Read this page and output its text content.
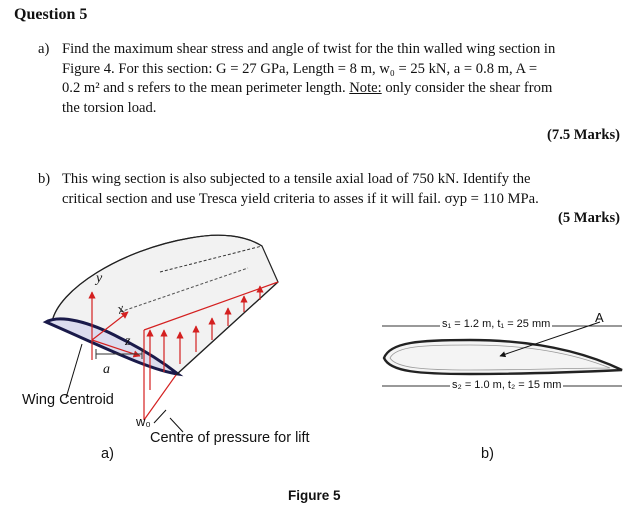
Question 5
a) Find the maximum shear stress and angle of twist for the thin walled wing section in
Figure 4. For this section: G = 27 GPa, Length = 8 m, w₀ = 25 kN, a = 0.8 m, A =
0.2 m² and s refers to the mean perimeter length. Note: only consider the shear from
the torsion load.
(7.5 Marks)
b) This wing section is also subjected to a tensile axial load of 750 kN. Identify the
critical section and use Tresca yield criteria to asses if it will fail. σyp = 110 MPa.
(5 Marks)
y
x
z
a
Wing Centroid
w₀
Centre of pressure for lift
a)
s₁ = 1.2 m, t₁ = 25 mm
s₂ = 1.0 m, t₂ = 15 mm
A
b)
Figure 5
